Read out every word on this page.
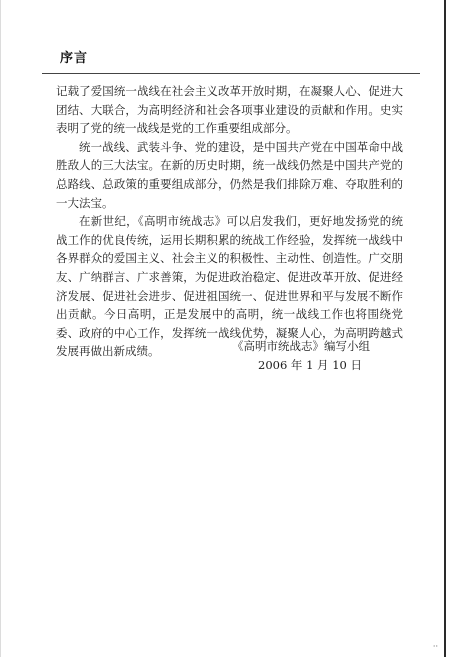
序言

记载了爱国统一战线在社会主义改革开放时期，在凝聚人心、促进大团结、大联合，为高明经济和社会各项事业建设的贡献和作用。史实表明了党的统一战线是党的工作重要组成部分。

统一战线、武装斗争、党的建设，是中国共产党在中国革命中战胜敌人的三大法宝。在新的历史时期，统一战线仍然是中国共产党的总路线、总政策的重要组成部分，仍然是我们排除万难、夺取胜利的一大法宝。

在新世纪，《高明市统战志》可以启发我们，更好地发扬党的统战工作的优良传统，运用长期积累的统战工作经验，发挥统一战线中各界群众的爱国主义、社会主义的积极性、主动性、创造性。广交朋友、广纳群言、广求善策，为促进政治稳定、促进改革开放、促进经济发展、促进社会进步、促进祖国统一、促进世界和平与发展不断作出贡献。今日高明，正是发展中的高明，统一战线工作也将围绕党委、政府的中心工作，发挥统一战线优势，凝聚人心，为高明跨越式发展再做出新成绩。	《高明市统战志》编写小组
2006 年 1 月 10 日
··
